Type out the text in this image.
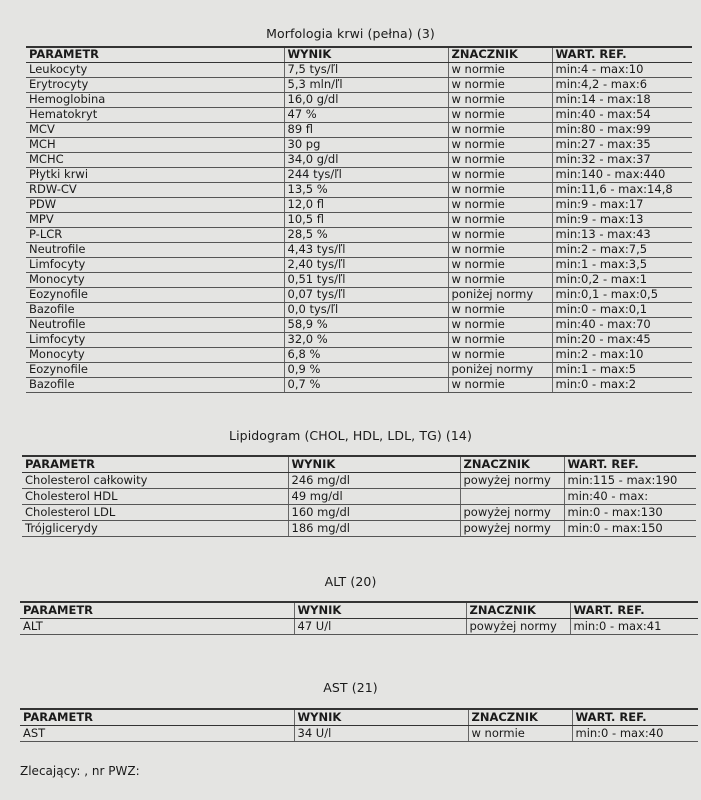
Morfologia krwi (pełna) (3)
PARAMETR	WYNIK	ZNACZNIK	WART. REF.
Leukocyty	7,5 tys/ľl	w normie	min:4 - max:10
Erytrocyty	5,3 mln/ľl	w normie	min:4,2 - max:6
Hemoglobina	16,0 g/dl	w normie	min:14 - max:18
Hematokryt	47 %	w normie	min:40 - max:54
MCV	89 fl	w normie	min:80 - max:99
MCH	30 pg	w normie	min:27 - max:35
MCHC	34,0 g/dl	w normie	min:32 - max:37
Płytki krwi	244 tys/ľl	w normie	min:140 - max:440
RDW-CV	13,5 %	w normie	min:11,6 - max:14,8
PDW	12,0 fl	w normie	min:9 - max:17
MPV	10,5 fl	w normie	min:9 - max:13
P-LCR	28,5 %	w normie	min:13 - max:43
Neutrofile	4,43 tys/ľl	w normie	min:2 - max:7,5
Limfocyty	2,40 tys/ľl	w normie	min:1 - max:3,5
Monocyty	0,51 tys/ľl	w normie	min:0,2 - max:1
Eozynofile	0,07 tys/ľl	poniżej normy	min:0,1 - max:0,5
Bazofile	0,0 tys/ľl	w normie	min:0 - max:0,1
Neutrofile	58,9 %	w normie	min:40 - max:70
Limfocyty	32,0 %	w normie	min:20 - max:45
Monocyty	6,8 %	w normie	min:2 - max:10
Eozynofile	0,9 %	poniżej normy	min:1 - max:5
Bazofile	0,7 %	w normie	min:0 - max:2
Lipidogram (CHOL, HDL, LDL, TG) (14)
PARAMETR	WYNIK	ZNACZNIK	WART. REF.
Cholesterol całkowity	246 mg/dl	powyżej normy	min:115 - max:190
Cholesterol HDL	49 mg/dl		min:40 - max:
Cholesterol LDL	160 mg/dl	powyżej normy	min:0 - max:130
Trójglicerydy	186 mg/dl	powyżej normy	min:0 - max:150
ALT (20)
PARAMETR	WYNIK	ZNACZNIK	WART. REF.
ALT	47 U/l	powyżej normy	min:0 - max:41
AST (21)
PARAMETR	WYNIK	ZNACZNIK	WART. REF.
AST	34 U/l	w normie	min:0 - max:40
Zlecający: , nr PWZ:
